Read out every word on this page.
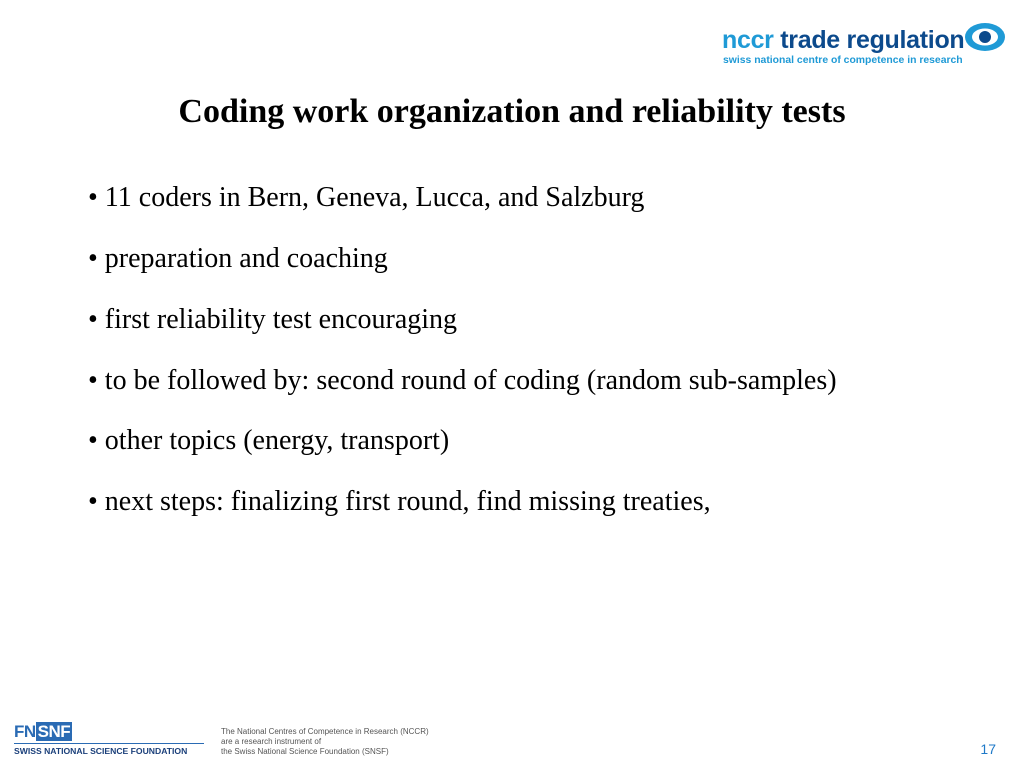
nccr trade regulation
swiss national centre of competence in research
Coding work organization and reliability tests
• 11 coders in Bern, Geneva, Lucca, and Salzburg
• preparation and coaching
• first reliability test encouraging
• to be followed by: second round of coding (random sub-samples)
• other topics (energy, transport)
• next steps: finalizing first round, find missing treaties,
FN SNF
SWISS NATIONAL SCIENCE FOUNDATION
The National Centres of Competence in Research (NCCR)
are a research instrument of
the Swiss National Science Foundation (SNSF)	17
